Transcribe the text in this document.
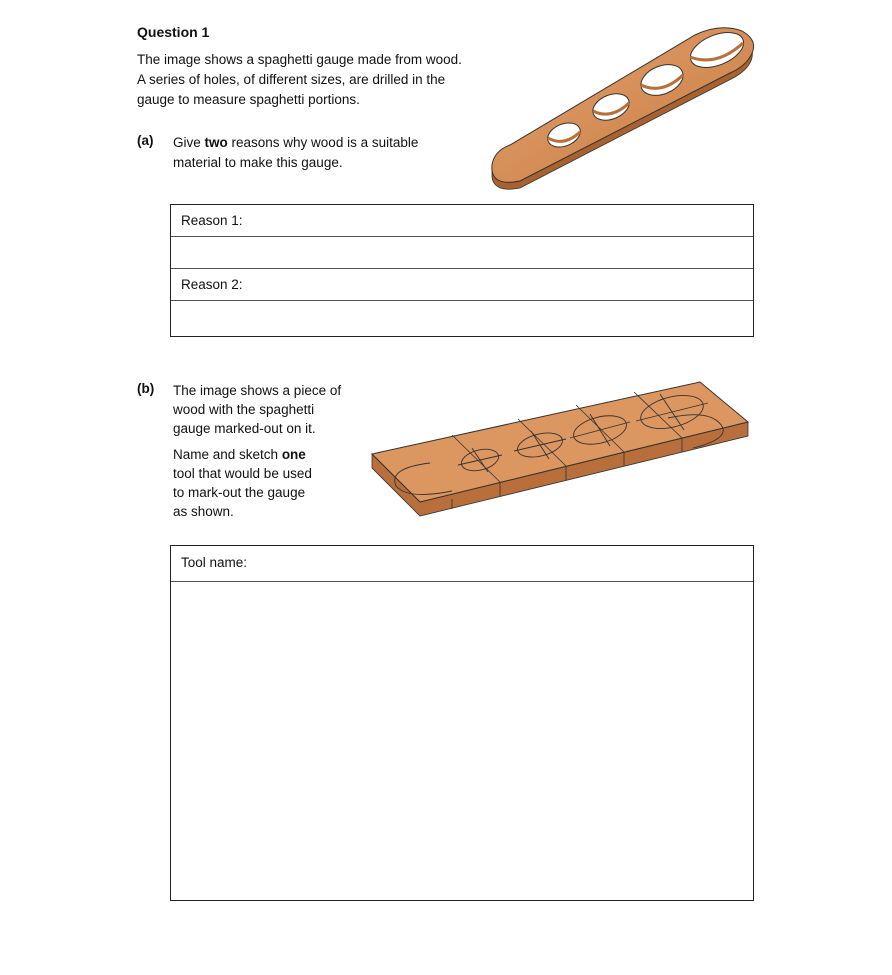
Question 1
The image shows a spaghetti gauge made from wood.
A series of holes, of different sizes, are drilled in the
gauge to measure spaghetti portions.
(a) Give two reasons why wood is a suitable
material to make this gauge.
Reason 1:
Reason 2:
(b) The image shows a piece of
wood with the spaghetti
gauge marked-out on it.
Name and sketch one
tool that would be used
to mark-out the gauge
as shown.
Tool name:
